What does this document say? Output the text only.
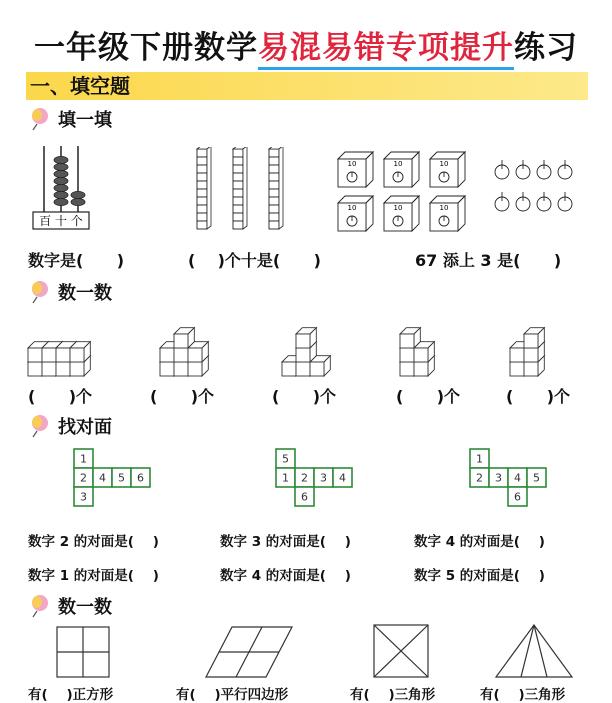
一年级下册数学易混易错专项提升练习
一、填空题
填一填
百 十 个
10	10	10
10	10	10
数字是(      )	(    )个十是(      )	67 添上 3 是(      )
数一数
(      )个	(      )个	(      )个	(      )个	(      )个
找对面
1
2 4 5 6
3
5
1 2 3 4
6
1
2 3 4 5
6
数字 2 的对面是(    )	数字 3 的对面是(    )	数字 4 的对面是(    )
数字 1 的对面是(    )	数字 4 的对面是(    )	数字 5 的对面是(    )
数一数
有(    )正方形	有(    )平行四边形	有(    )三角形	有(    )三角形
